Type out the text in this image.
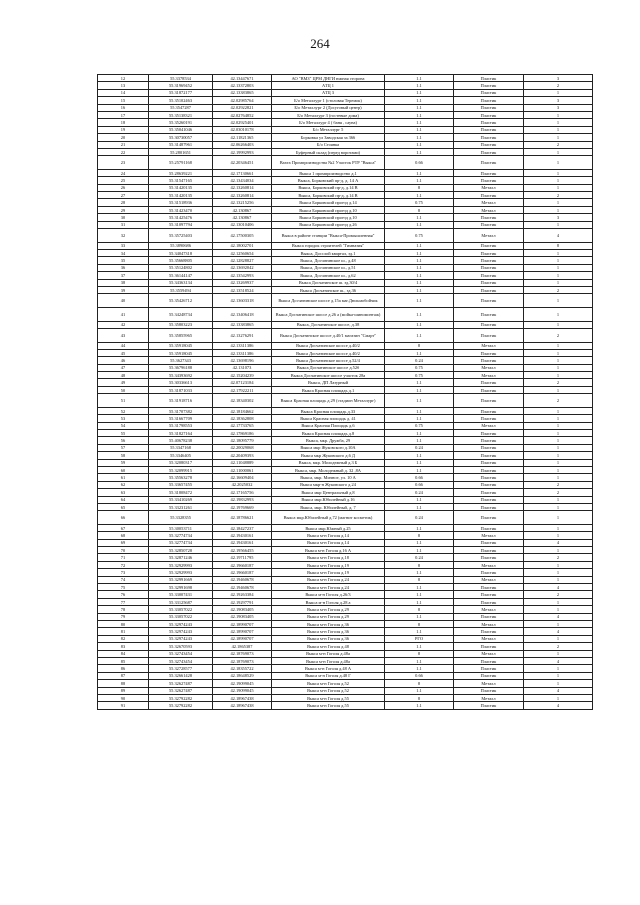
264
12	55.3378534	42.13447671	АО "ВМЗ" ЦРМ ДНГИ южная сторона	1.1	Пластик	3
13	55.31969452	42.13372803	АТЦ 1	1.1	Пластик	2
14	55.31872177	42.13383865	АТЦ 3	1.1	Пластик	1
15	55.35102463	42.02985764	Б/о Металлург 1 (столовая Теремок)	1.1	Пластик	3
16	55.3547287	42.02922821	Б/о Металлург 2 (Досуговый центр)	1.1	Пластик	3
17	55.35138321	42.02764852	Б/о Металлург 3 (гостевые дома)	1.1	Пластик	1
18	55.35260191	42.02925401	Б/о Металлург 4 ( баня , сауна)	1.1	Пластик	1
19	55.35041046	42.03010178	Б/о Металлург 5	1.1	Пластик	1
20	55.30730057	42.11821365	Борковка ул Заводская за 366	1.1	Пластик	1
21	55.31487961	42.06266403	Б/о Стоянка	1.1	Пластик	2
22	55.2801651	42.19992993	Буферный склад (перед воротами)	1.1	Пластик	1
23	55.25791168	42.20346451	Вахта Промпроизводства №2 Участок РТР "Выкса"	0.66	Пластик	1
24	55.28639221	42.17130661	Выкса 1 промпроизводство д.1	1.1	Пластик	1
25	55.31547165	42.13434034	Выкса, Борковский пр-д, д. 14 А	1.1	Пластик	1
26	55.31420135	42.13260814	Выкса, Борковский пр-д, д.14 В	8	Металл	1
27	55.31420135	42.13260814	Выкса, Борковский пр-д, д.14 В	1.1	Пластик	2
28	55.31518936	42.13215256	Выкса Борковский проезд д.14	0.75	Металл	1
29	55.31423470	42.130867	Выкса Борковский проезд д.10	8	Металл	1
30	55.31425476	42.130867	Выкса Борковский проезд д.10	1.1	Пластик	3
31	55.31097794	42.13010406	Выкса Борковский проезд д.26	1.1	Пластик	1
32	55.35725403	42.17500305	Выкса в районе станции "Выкса-Промышленная"	0.75	Металл	4
33	55.3890686	42.18002701	Выкса городок строителей "Гимназия"	1.1	Пластик	8
34	55.34047318	42.12560654	Выкса, Досслой квартал, зд.1	1.1	Пластик	1
35	55.35668805	42.12828827	Выкса, Досчатинское ш., д.48	1.1	Пластик	1
36	55.35124802	42.13692042	Выкса, Досчатинское ш., д.51	1.1	Пластик	1
37	55.36144147	42.13542993	Выкса, Досчатинское ш., д.62	1.1	Пластик	1
38	55.34363134	42.13269937	Выкса Досчатинское ш. зд.30/4	1.1	Пластик	1
39	55.3559494	42.13518524	Выкса Досчатинское ш., зд.36	1.1	Пластик	2
40	55.35426712	42.13603318	Выкса Досчатинское шоссе д.15а маг.Дюльмобойчик	1.1	Пластик	1
41	55.34248734	42.13406418	Выкса Досчатинское шоссе д.26 а (мойка-шиномонтаж)	1.1	Пластик	1
42	55.35803223	42.13383865	Выкса, Досчатинское шоссе, д.38	1.1	Пластик	1
43	55.35855965	42.13276291	Выкса Досчатинское шоссе д.40/1 магазин "Смарт"	1.1	Пластик	2
44	55.35918045	42.13311386	Выкса Досчатинское шоссе д.40/2	8	Металл	1
45	55.35918045	42.13311386	Выкса Досчатинское шоссе д.40/2	1.1	Пластик	1
46	55.3627343	42.13698196	Выкса Досчатинское шоссе д.52/4	0.24	Пластик	1
47	55.36796188	42.131073	Выкса Досчатинское шоссе д.52б	0.75	Металл	1
48	55.34393692	42.15204239	Выкса Досчатинское шоссе участок 28а	0.75	Металл	1
49	55.30336613	42.07123184	Выкса, ДП Лазурный	1.1	Пластик	2
50	55.31871033	42.17922211	Выкса Красная площадь д.1	1.1	Пластик	1
51	55.31918716	42.18340302	Выкса Красная площадь д.29 (стадион Металлург)	1.1	Пластик	2
52	55.31707382	42.18184662	Выкса Красная площадь д.33	1.1	Пластик	1
53	55.31667709	42.18362808	Выкса Красная площадь д. 41	1.1	Пластик	1
54	55.31798553	42.17733765	Выкса Красная Площадь д.6	0.75	Металл	1
55	55.31827164	42.17869186	Выкса Красная площадь д.8	1.1	Пластик	1
56	55.40678238	42.18095779	Выкса, мкр. Дружба, 29	1.1	Пластик	1
57	55.3347168	42.20029068	Выкса мкр Жуковского д.10А	0.24	Пластик	1
58	55.3346405	42.20409393	Выкса мкр Жуковского д.6 Д	1.1	Пластик	1
59	55.32080317	42.11048889	Выкса, мкр. Молодежный д.3 Б	1.1	Пластик	1
60	55.32099915	42.11000061	Выкса, мкр. Молодежный д. 32 ,8А	1.1	Пластик	1
61	55.35563278	42.16609404	Выкса, мкр. Мичное, ул. 10 А	0.66	Пластик	1
62	55.33657455	42.2025032	Выкса мкр-н Жуковского д.24	0.66	Пластик	2
63	55.31808472	42.17165756	Выкса мкр Центральный д.8	0.24	Пластик	2
64	55.33410269	42.19832993	Выкса мкр.Юбилейный д.16	1.1	Пластик	1
65	55.33231261	42.19769669	Выкса, мкр. Юбилейный, д. 7	1.1	Пластик	1
66	55.3328355	42.18786621	Выкса мкр.Юбилейный д.72 (магнит косметик)	0.24	Пластик	1
67	55.30053711	42.18427237	Выкса мкр.Южный д.25	1.1	Пластик	1
68	55.32774734	42.19430161	Выкса м-н Гоголя д.14	8	Металл	1
69	55.32774734	42.19430161	Выкса м-н Гоголя д.14	1.1	Пластик	4
70	55.32850728	42.19566455	Выкса м-н Гоголя д.16 А	1.1	Пластик	1
71	55.32871246	42.19711795	Выкса м-н Гоголя д.18	0.24	Пластик	2
72	55.32929993	42.19660187	Выкса м-н Гоголя д.19	8	Металл	1
73	55.32929993	42.19660187	Выкса м-н Гоголя д.19	1.1	Пластик	1
74	55.32991669	42.19460678	Выкса м-н Гоголя д.24	8	Металл	1
75	55.32991698	42.19460678	Выкса м-н Гоголя д.24	1.1	Пластик	4
76	55.33007431	42.19263384	Выкса м-н Гоголя д.26/3	1.1	Пластик	2
77	55.33125687	42.19297791	Выкса м-н Гоголя д.28 а	1.1	Пластик	1
78	55.33057022	42.19083405	Выкса м-н Гоголя д.29	8	Металл	1
79	55.33057022	42.19083405	Выкса м-н Гоголя д.29	1.1	Пластик	4
80	55.32974243	42.18990707	Выкса м-н Гоголя д.36	8	Металл	1
81	55.32974243	42.18990707	Выкса м-н Гоголя д.36	1.1	Пластик	4
82	55.32974243	42.18990707	Выкса м-н Гоголя д.36	РГО	Металл	1
83	55.32670593	42.1865387	Выкса м-н Гоголя д.48	1.1	Пластик	2
84	55.32743454	42.18769073	Выкса м-н Гоголя д.48а	8	Металл	1
85	55.32743454	42.18769073	Выкса м-н Гоголя д.48а	1.1	Пластик	4
86	55.32728577	42.18355722	Выкса м-н Гоголя д.48 А	1.1	Пластик	1
87	55.32661428	42.18648529	Выкса м-н Гоголя д.48 Г	0.66	Пластик	1
88	55.32627487	42.19099045	Выкса м-н Гоголя д.52	8	Металл	1
89	55.32627487	42.19099045	Выкса м-н Гоголя д.52	1.1	Пластик	4
90	55.32792282	42.18967438	Выкса м-н Гоголя д.55	8	Металл	1
91	55.32792282	42.18967438	Выкса м-н Гоголя д.55	1.1	Пластик	4
